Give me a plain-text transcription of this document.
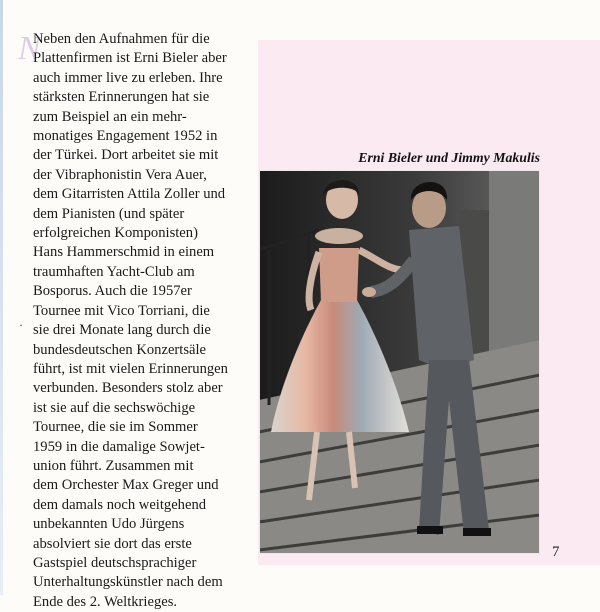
N

Neben den Aufnahmen für die
Plattenfirmen ist Erni Bieler aber
auch immer live zu erleben. Ihre
stärksten Erinnerungen hat sie
zum Beispiel an ein mehr-
monatiges Engagement 1952 in
der Türkei. Dort arbeitet sie mit
der Vibraphonistin Vera Auer,
dem Gitarristen Attila Zoller und
dem Pianisten (und später
erfolgreichen Komponisten)
Hans Hammerschmid in einem
traumhaften Yacht-Club am
Bosporus. Auch die 1957er
Tournee mit Vico Torriani, die
sie drei Monate lang durch die
bundesdeutschen Konzertsäle
führt, ist mit vielen Erinnerungen
verbunden. Besonders stolz aber
ist sie auf die sechswöchige
Tournee, die sie im Sommer
1959 in die damalige Sowjet-
union führt. Zusammen mit
dem Orchester Max Greger und
dem damals noch weitgehend
unbekannten Udo Jürgens
absolviert sie dort das erste
Gastspiel deutschsprachiger
Unterhaltungskünstler nach dem
Ende des 2. Weltkrieges.

·
Erni Bieler und Jimmy Makulis
7
